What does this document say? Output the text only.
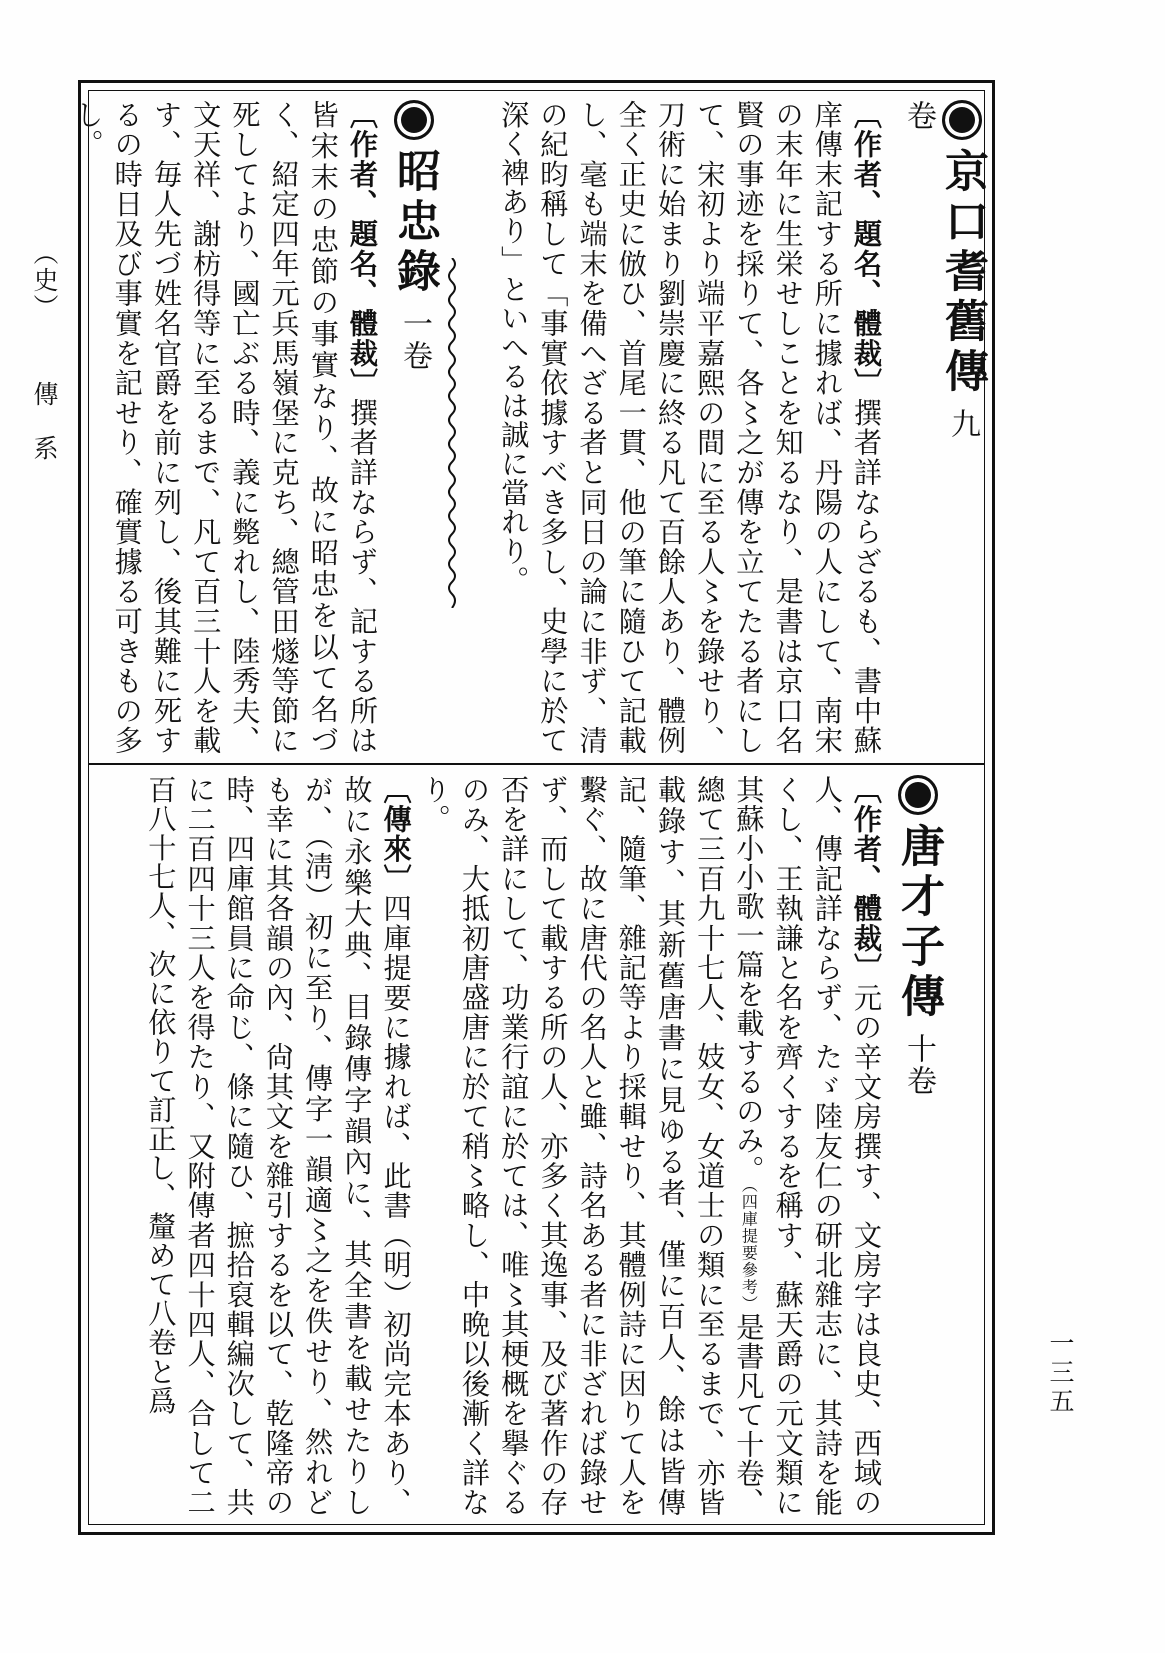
（史）傳　系
一三五
京口耆舊傳九卷

〔作者、題名、體裁〕撰者詳ならざるも、書中蘇庠傳末記する所に據れば、丹陽の人にして、南宋の末年に生栄せしことを知るなり、是書は京口名賢の事迹を採りて、各〻之が傳を立てたる者にして、宋初より端平嘉熙の間に至る人〻を錄せり、刀術に始まり劉崇慶に終る凡て百餘人あり、體例全く正史に倣ひ、首尾一貫、他の筆に隨ひて記載し、毫も端末を備へざる者と同日の論に非ず、清の紀昀稱して「事實依據すべき多し、史學に於て深く裨あり」といへるは誠に當れり。

昭忠錄一卷

〔作者、題名、體裁〕撰者詳ならず、記する所は皆宋末の忠節の事實なり、故に昭忠を以て名づく、紹定四年元兵馬嶺堡に克ち、總管田燧等節に死してより、國亡ぶる時、義に斃れし、陸秀夫、文天祥、謝枋得等に至るまで、凡て百三十人を載す、毎人先づ姓名官爵を前に列し、後其難に死するの時日及び事實を記せり、確實據る可きもの多し。

唐才子傳十卷

〔作者、體裁〕元の辛文房撰す、文房字は良史、西域の人、傳記詳ならず、たゞ陸友仁の研北雜志に、其詩を能くし、王執謙と名を齊くするを稱す、蘇天爵の元文類に其蘇小小歌一篇を載するのみ。（四庫提要參考）是書凡て十卷、總て三百九十七人、妓女、女道士の類に至るまで、亦皆載錄す、其新舊唐書に見ゆる者、僅に百人、餘は皆傳記、隨筆、雜記等より採輯せり、其體例詩に因りて人を繫ぐ、故に唐代の名人と雖、詩名ある者に非ざれば錄せず、而して載する所の人、亦多く其逸事、及び著作の存否を詳にして、功業行誼に於ては、唯〻其梗概を擧ぐるのみ、大抵初唐盛唐に於て稍〻略し、中晩以後漸く詳なり。

〔傳來〕四庫提要に據れば、此書（明）初尚完本あり、故に永樂大典、目錄傳字韻內に、其全書を載せたりしが、（淸）初に至り、傳字一韻適〻之を佚せり、然れども幸に其各韻の內、尙其文を雜引するを以て、乾隆帝の時、四庫館員に命じ、條に隨ひ、摭拾裒輯編次して、共に二百四十三人を得たり、又附傳者四十四人、合して二百八十七人、次に依りて訂正し、釐めて八卷と爲
